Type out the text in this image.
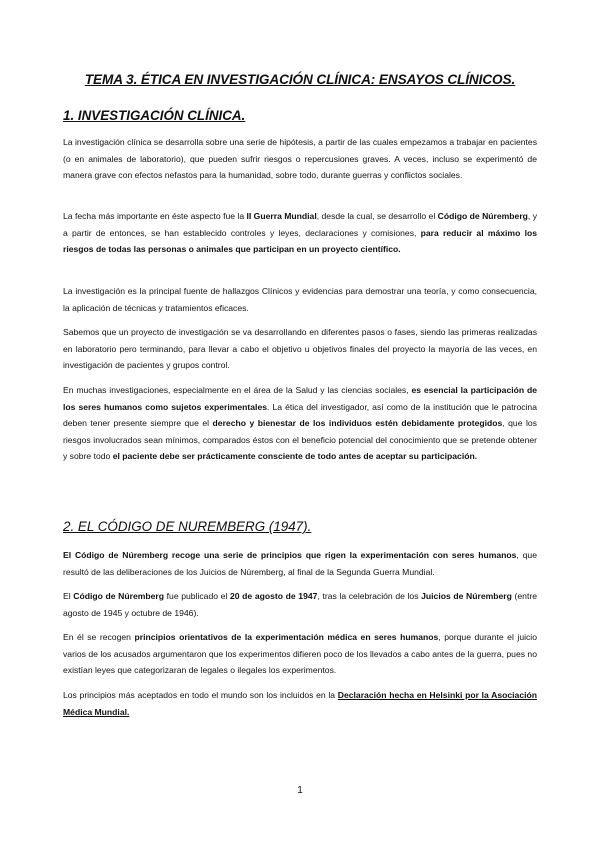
TEMA 3. ÉTICA EN INVESTIGACIÓN CLÍNICA: ENSAYOS CLÍNICOS.
1. INVESTIGACIÓN CLÍNICA.

La investigación clínica se desarrolla sobre una serie de hipótesis, a partir de las cuales empezamos a trabajar en pacientes (o en animales de laboratorio), que pueden sufrir riesgos o repercusiones graves. A veces, incluso se experimentó de manera grave con efectos nefastos para la humanidad, sobre todo, durante guerras y conflictos sociales.

La fecha más importante en éste aspecto fue la II Guerra Mundial, desde la cual, se desarrollo el Código de Núremberg, y a partir de entonces, se han establecido controles y leyes, declaraciones y comisiones, para reducir al máximo los riesgos de todas las personas o animales que participan en un proyecto científico.

La investigación es la principal fuente de hallazgos Clínicos y evidencias para demostrar una teoría, y como consecuencia, la aplicación de técnicas y tratamientos eficaces.

Sabemos que un proyecto de investigación se va desarrollando en diferentes pasos o fases, siendo las primeras realizadas en laboratorio pero terminando, para llevar a cabo el objetivo u objetivos finales del proyecto la mayoría de las veces, en investigación de pacientes y grupos control.

En muchas investigaciones, especialmente en el área de la Salud y las ciencias sociales, es esencial la participación de los seres humanos como sujetos experimentales. La ética del investigador, así como de la institución que le patrocina deben tener presente siempre que el derecho y bienestar de los individuos estén debidamente protegidos, que los riesgos involucrados sean mínimos, comparados éstos con el beneficio potencial del conocimiento que se pretende obtener y sobre todo el paciente debe ser prácticamente consciente de todo antes de aceptar su participación.

2. EL CÓDIGO DE NUREMBERG (1947).

El Código de Núremberg recoge una serie de principios que rigen la experimentación con seres humanos, que resultó de las deliberaciones de los Juicios de Núremberg, al final de la Segunda Guerra Mundial.

El Código de Núremberg fue publicado el 20 de agosto de 1947, tras la celebración de los Juicios de Núremberg (entre agosto de 1945 y octubre de 1946).

En él se recogen principios orientativos de la experimentación médica en seres humanos, porque durante el juicio varios de los acusados argumentaron que los experimentos difieren poco de los llevados a cabo antes de la guerra, pues no existían leyes que categorizaran de legales o ilegales los experimentos.

Los principios más aceptados en todo el mundo son los incluidos en la Declaración hecha en Helsinki por la Asociación Médica Mundial.

1
